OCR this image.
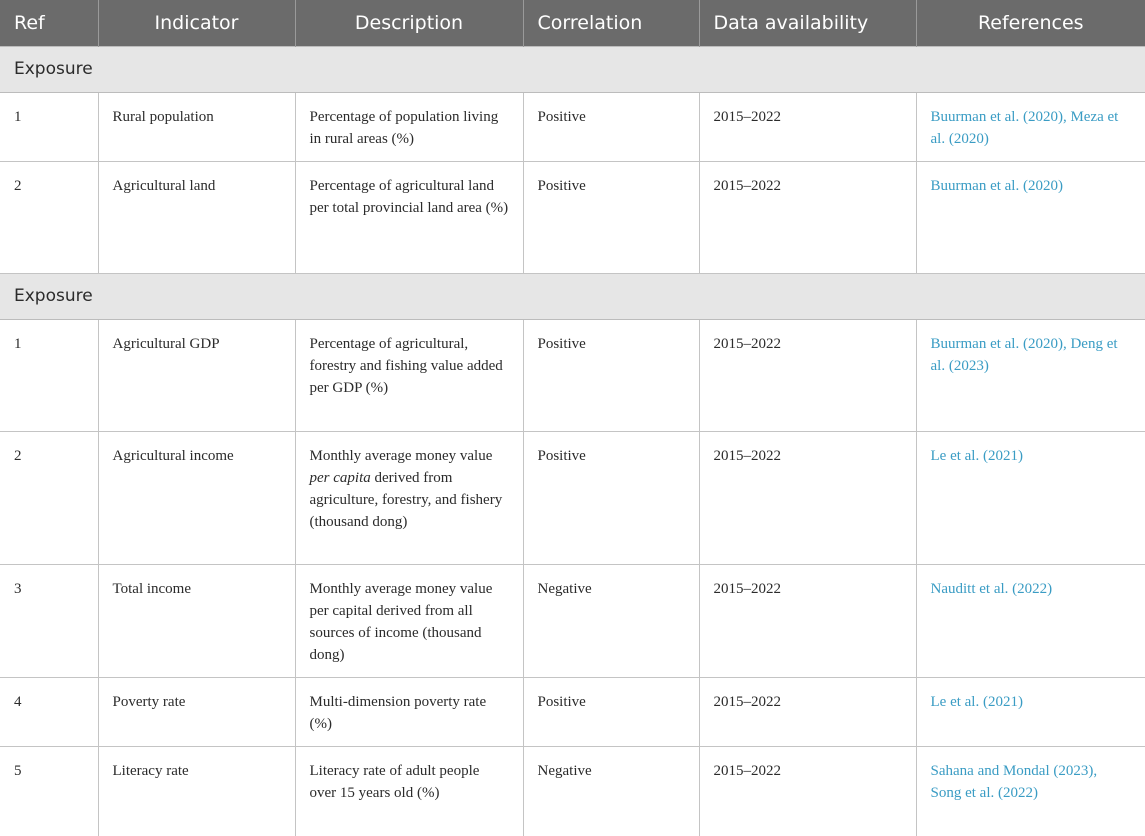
Ref	Indicator	Description	Correlation	Data availability	References
Exposure					
1	Rural population	Percentage of population living in rural areas (%)	Positive	2015–2022	Buurman et al. (2020), Meza et al. (2020)
2	Agricultural land	Percentage of agricultural land per total provincial land area (%)	Positive	2015–2022	Buurman et al. (2020)
Exposure					
1	Agricultural GDP	Percentage of agricultural, forestry and fishing value added per GDP (%)	Positive	2015–2022	Buurman et al. (2020), Deng et al. (2023)
2	Agricultural income	Monthly average money value per capita derived from agriculture, forestry, and fishery (thousand dong)	Positive	2015–2022	Le et al. (2021)
3	Total income	Monthly average money value per capital derived from all sources of income (thousand dong)	Negative	2015–2022	Nauditt et al. (2022)
4	Poverty rate	Multi-dimension poverty rate (%)	Positive	2015–2022	Le et al. (2021)
5	Literacy rate	Literacy rate of adult people over 15 years old (%)	Negative	2015–2022	Sahana and Mondal (2023), Song et al. (2022)
